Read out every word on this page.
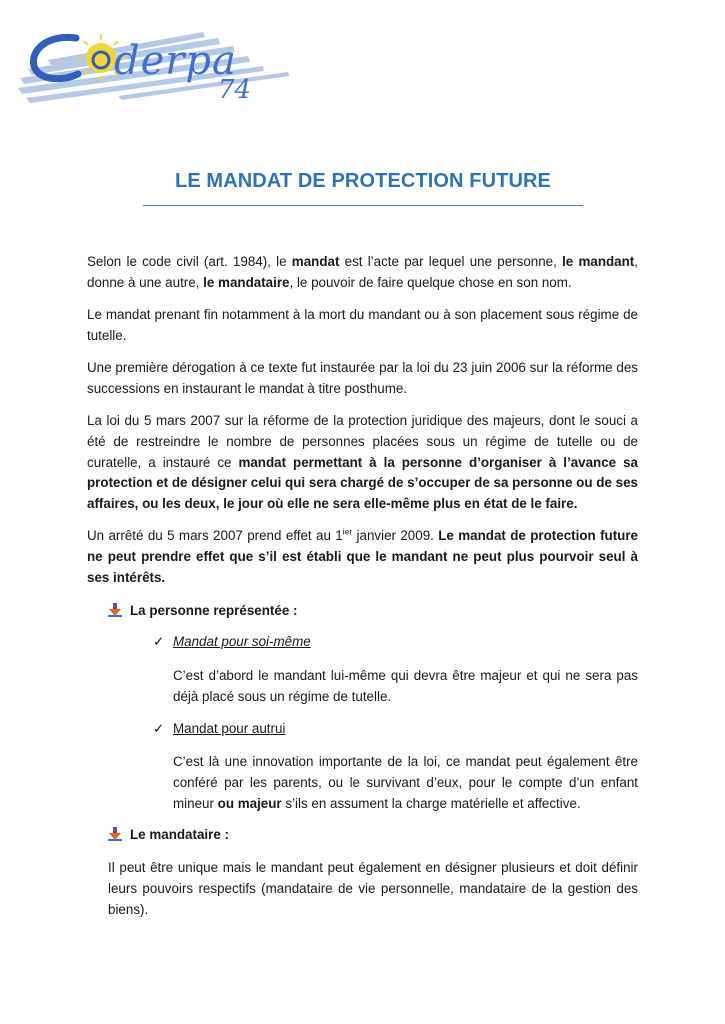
derpa
74
LE MANDAT DE PROTECTION FUTURE

Selon le code civil (art. 1984), le mandat est l’acte par lequel une personne, le mandant, donne à une autre, le mandataire, le pouvoir de faire quelque chose en son nom.

Le mandat prenant fin notamment à la mort du mandant ou à son placement sous régime de tutelle.

Une première dérogation à ce texte fut instaurée par la loi du 23 juin 2006 sur la réforme des successions en instaurant le mandat à titre posthume.

La loi du 5 mars 2007 sur la réforme de la protection juridique des majeurs, dont le souci a été de restreindre le nombre de personnes placées sous un régime de tutelle ou de curatelle, a instauré ce mandat permettant à la personne d’organiser à l’avance sa protection et de désigner celui qui sera chargé de s’occuper de sa personne ou de ses affaires, ou les deux, le jour où elle ne sera elle-même plus en état de le faire.

Un arrêté du 5 mars 2007 prend effet au $1^{ier}$ janvier 2009. Le mandat de protection future ne peut prendre effet que s’il est établi que le mandant ne peut plus pourvoir seul à ses intérêts.

La personne représentée :
✓ Mandat pour soi-même

C’est d’abord le mandant lui-même qui devra être majeur et qui ne sera pas déjà placé sous un régime de tutelle.

✓ Mandat pour autrui

C’est là une innovation importante de la loi, ce mandat peut également être conféré par les parents, ou le survivant d’eux, pour le compte d’un enfant mineur ou majeur s’ils en assument la charge matérielle et affective.

Le mandataire :

Il peut être unique mais le mandant peut également en désigner plusieurs et doit définir leurs pouvoirs respectifs (mandataire de vie personnelle, mandataire de la gestion des biens).
